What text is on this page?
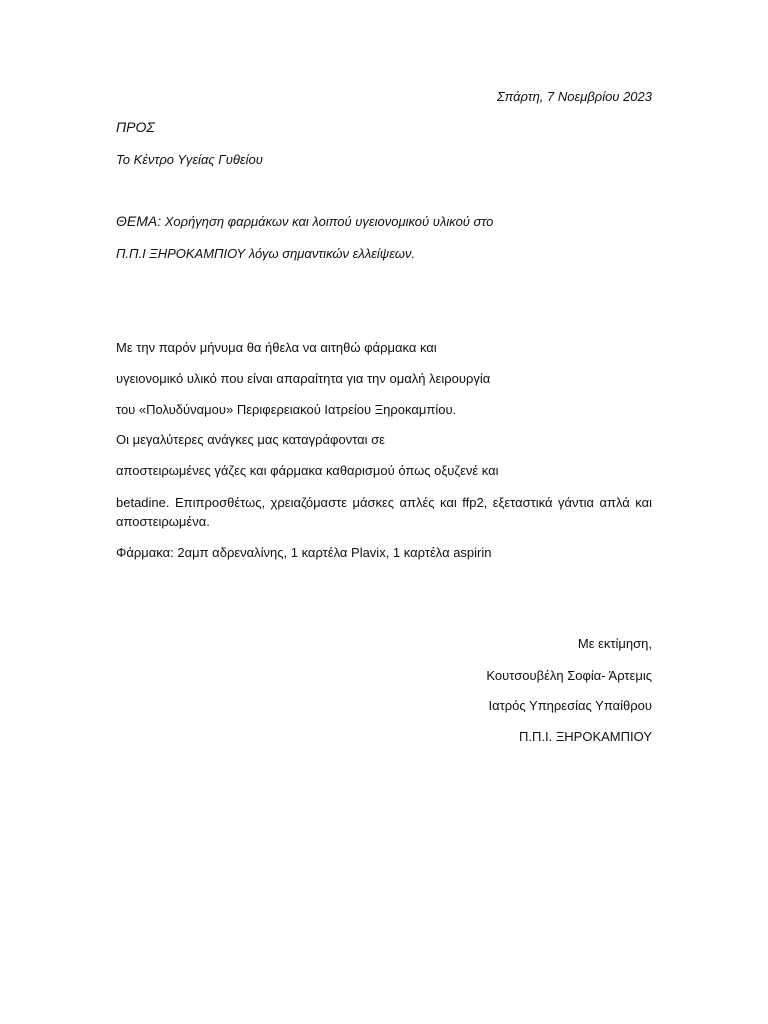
Σπάρτη, 7 Νοεμβρίου 2023
ΠΡΟΣ
Το Κέντρο Υγείας Γυθείου
ΘΕΜΑ: Χορήγηση φαρμάκων και λοιπού υγειονομικού υλικού στο
Π.Π.Ι ΞΗΡΟΚΑΜΠΙΟΥ λόγω σημαντικών ελλείψεων.
Με την παρόν μήνυμα θα ήθελα να αιτηθώ φάρμακα και
υγειονομικό υλικό που είναι απαραίτητα για την ομαλή λειρουργία
του «Πολυδύναμου» Περιφερειακού Ιατρείου Ξηροκαμπίου.
Οι μεγαλύτερες ανάγκες μας καταγράφονται σε
αποστειρωμένες γάζες και φάρμακα καθαρισμού όπως οξυζενέ και
betadine. Επιπροσθέτως, χρειαζόμαστε μάσκες απλές και ffp2, εξεταστικά γάντια απλά και αποστειρωμένα.
Φάρμακα: 2αμπ αδρεναλίνης, 1 καρτέλα Plavix, 1 καρτέλα aspirin
Με εκτίμηση,
Κουτσουβέλη Σοφία- Άρτεμις
Ιατρός Υπηρεσίας Υπαίθρου
Π.Π.Ι. ΞΗΡΟΚΑΜΠΙΟΥ
